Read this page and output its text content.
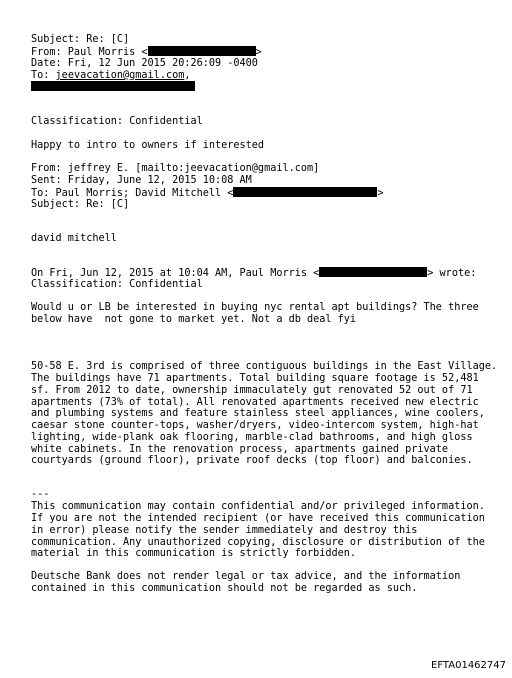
Subject: Re: [C]
From: Paul Morris <	>
Date: Fri, 12 Jun 2015 20:26:09 -0400
To: jeevacation@gmail.com,
Classification: Confidential
Happy to intro to owners if interested
From: jeffrey E. [mailto:jeevacation@gmail.com]
Sent: Friday, June 12, 2015 10:08 AM
To: Paul Morris; David Mitchell <	>
Subject: Re: [C]
david mitchell
On Fri, Jun 12, 2015 at 10:04 AM, Paul Morris <	> wrote:
Classification: Confidential
Would u or LB be interested in buying nyc rental apt buildings? The three
below have  not gone to market yet. Not a db deal fyi
50-58 E. 3rd is comprised of three contiguous buildings in the East Village.
The buildings have 71 apartments. Total building square footage is 52,481
sf. From 2012 to date, ownership immaculately gut renovated 52 out of 71
apartments (73% of total). All renovated apartments received new electric
and plumbing systems and feature stainless steel appliances, wine coolers,
caesar stone counter-tops, washer/dryers, video-intercom system, high-hat
lighting, wide-plank oak flooring, marble-clad bathrooms, and high gloss
white cabinets. In the renovation process, apartments gained private
courtyards (ground floor), private roof decks (top floor) and balconies.
---
This communication may contain confidential and/or privileged information.
If you are not the intended recipient (or have received this communication
in error) please notify the sender immediately and destroy this
communication. Any unauthorized copying, disclosure or distribution of the
material in this communication is strictly forbidden.
Deutsche Bank does not render legal or tax advice, and the information
contained in this communication should not be regarded as such.
EFTA01462747
